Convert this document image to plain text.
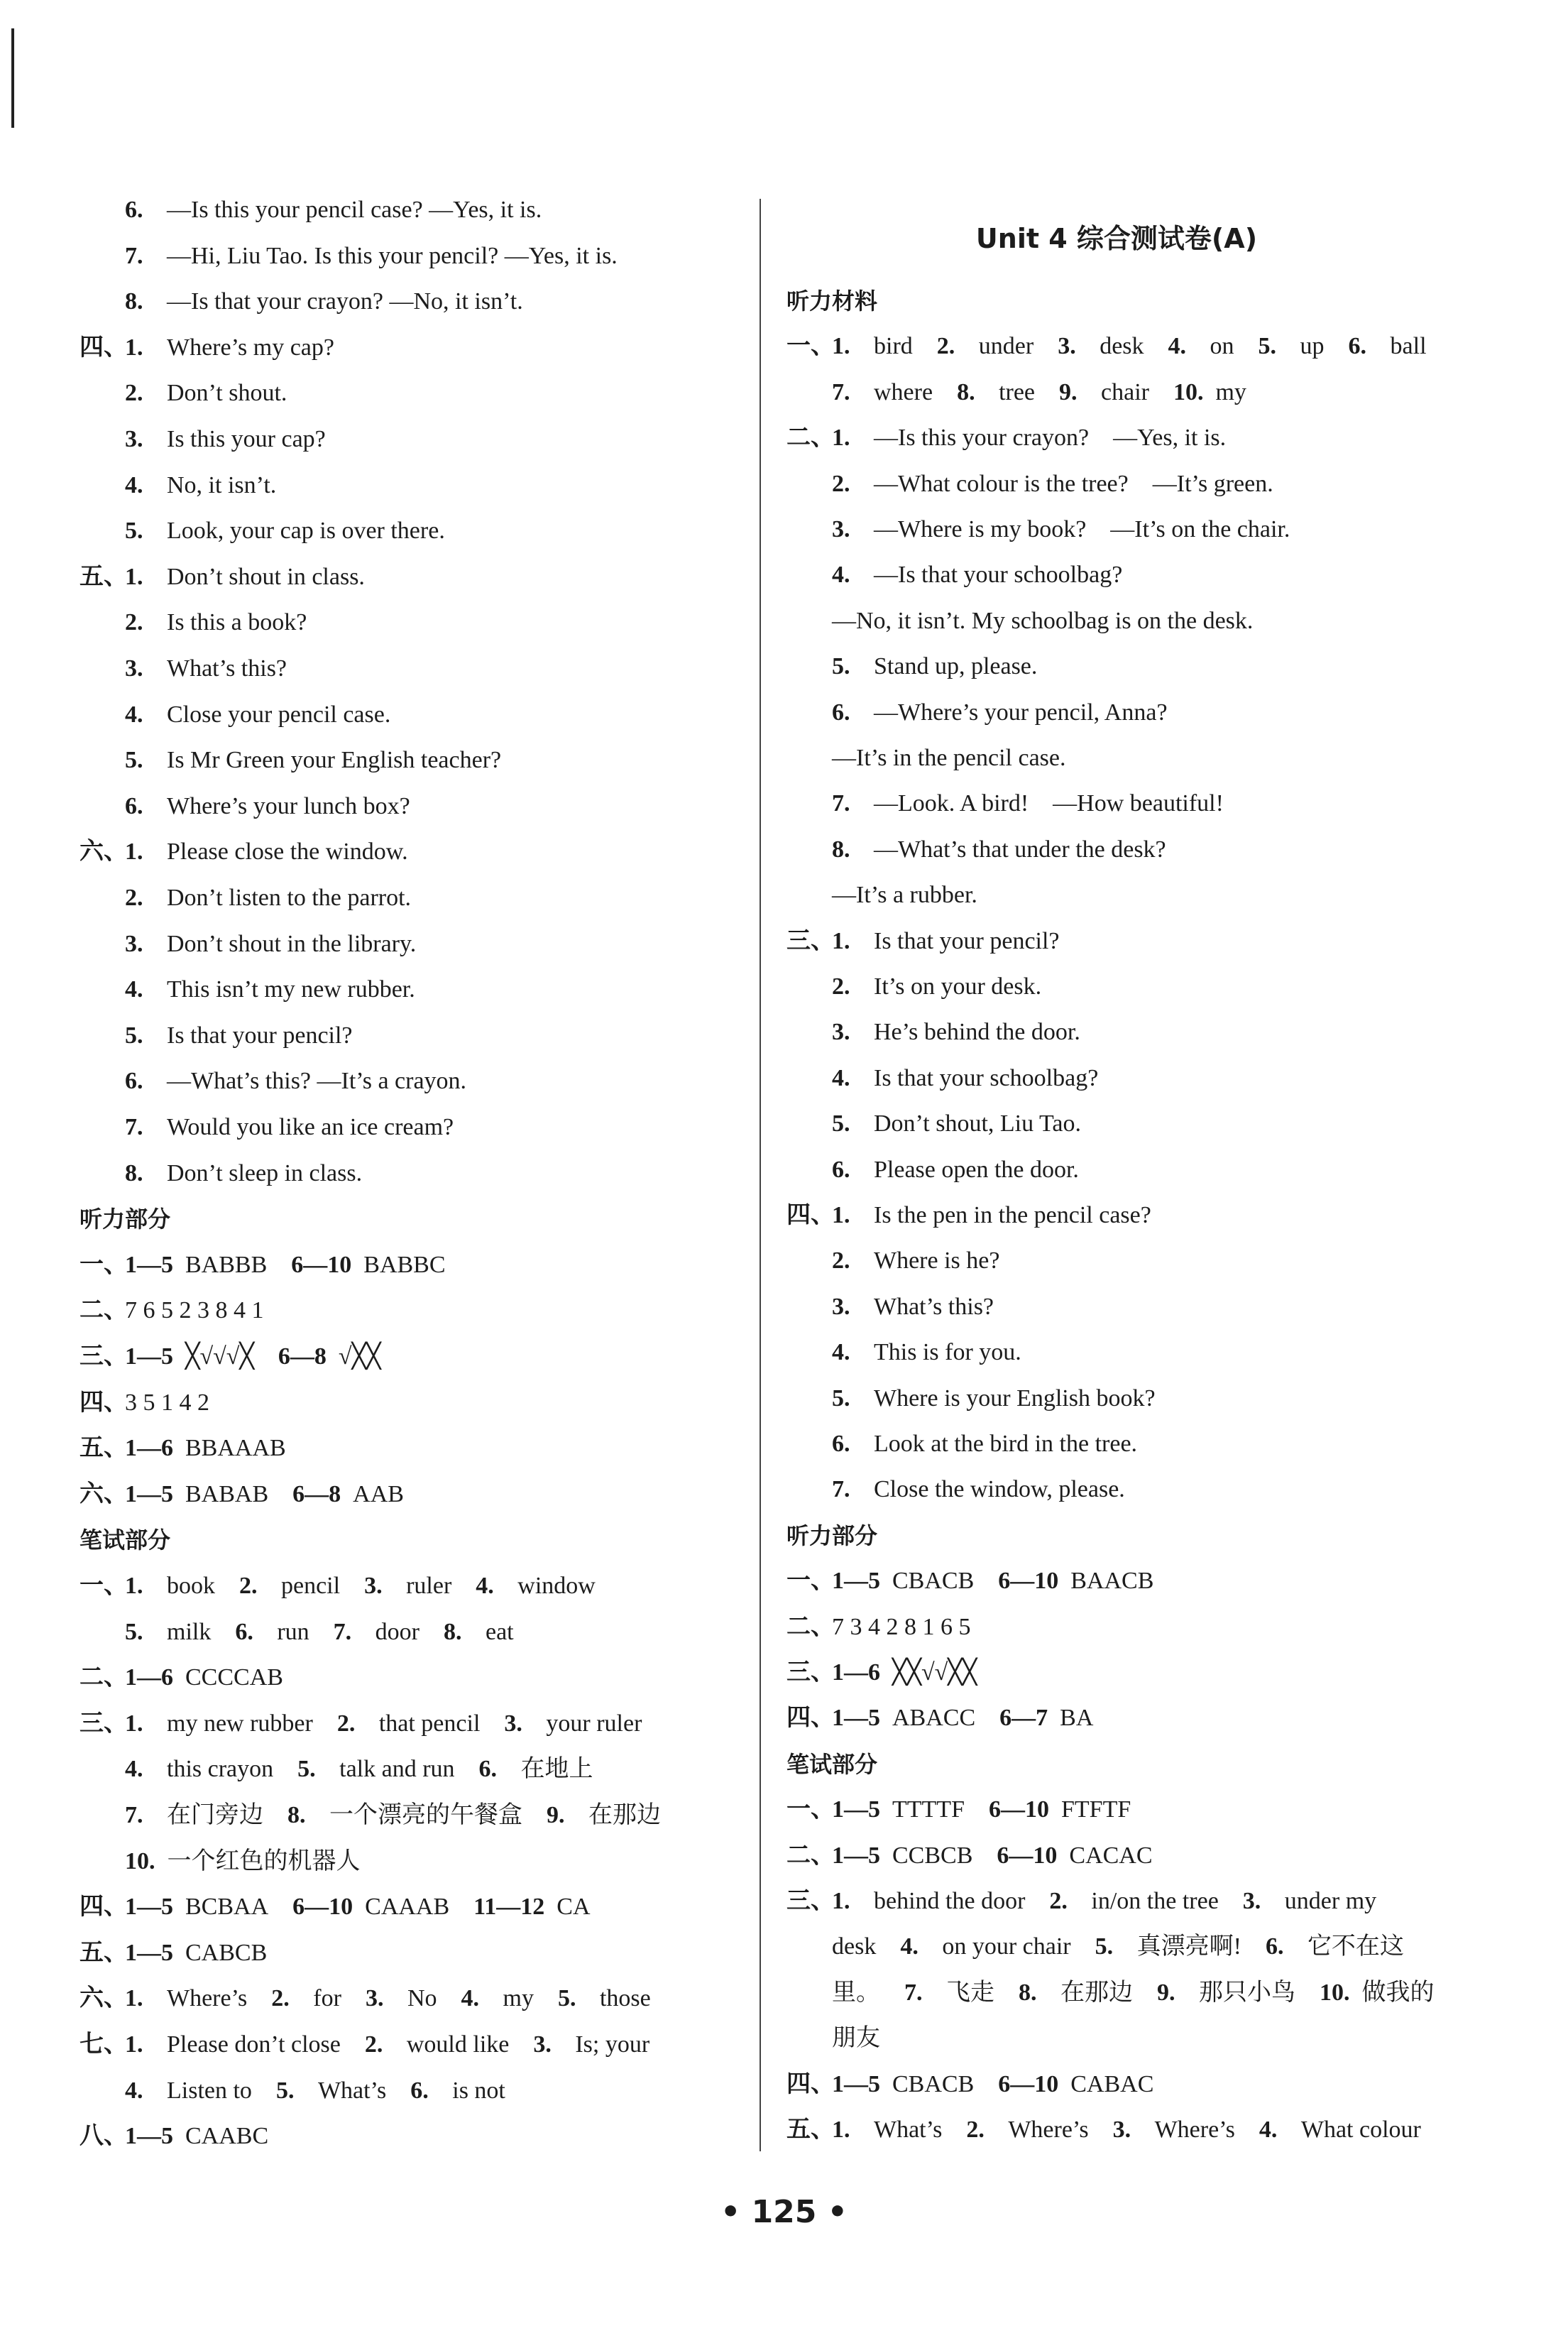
6.  —Is this your pencil case? —Yes, it is.
7.  —Hi, Liu Tao. Is this your pencil? —Yes, it is.
8.  —Is that your crayon? —No, it isn’t.
四、1.  Where’s my cap?
2.  Don’t shout.
3.  Is this your cap?
4.  No, it isn’t.
5.  Look, your cap is over there.
五、1.  Don’t shout in class.
2.  Is this a book?
3.  What’s this?
4.  Close your pencil case.
5.  Is Mr Green your English teacher?
6.  Where’s your lunch box?
六、1.  Please close the window.
2.  Don’t listen to the parrot.
3.  Don’t shout in the library.
4.  This isn’t my new rubber.
5.  Is that your pencil?
6.  —What’s this? —It’s a crayon.
7.  Would you like an ice cream?
8.  Don’t sleep in class.
听力部分
一、1—5  BABBB   6—10  BABBC
二、7 6 5 2 3 8 4 1
三、1—5  ╳√√√╳   6—8  √╳╳
四、3 5 1 4 2
五、1—6  BBAAAB
六、1—5  BABAB   6—8  AAB
笔试部分
一、1.  book   2.  pencil   3.  ruler   4.  window
5.  milk   6.  run   7.  door   8.  eat
二、1—6  CCCCAB
三、1.  my new rubber   2.  that pencil   3.  your ruler
4.  this crayon   5.  talk and run   6.  在地上
7.  在门旁边   8.  一个漂亮的午餐盒   9.  在那边
10.  一个红色的机器人
四、1—5  BCBAA   6—10  CAAAB   11—12  CA
五、1—5  CABCB
六、1.  Where’s   2.  for   3.  No   4.  my   5.  those
七、1.  Please don’t close   2.  would like   3.  Is; your
4.  Listen to   5.  What’s   6.  is not
八、1—5  CAABC
Unit 4 综合测试卷(A)
听力材料
一、1.  bird   2.  under   3.  desk   4.  on   5.  up   6.  ball
7.  where   8.  tree   9.  chair   10.  my
二、1.  —Is this your crayon?　—Yes, it is.
2.  —What colour is the tree?　—It’s green.
3.  —Where is my book?　—It’s on the chair.
4.  —Is that your schoolbag?
—No, it isn’t. My schoolbag is on the desk.
5.  Stand up, please.
6.  —Where’s your pencil, Anna?
—It’s in the pencil case.
7.  —Look. A bird!　—How beautiful!
8.  —What’s that under the desk?
—It’s a rubber.
三、1.  Is that your pencil?
2.  It’s on your desk.
3.  He’s behind the door.
4.  Is that your schoolbag?
5.  Don’t shout, Liu Tao.
6.  Please open the door.
四、1.  Is the pen in the pencil case?
2.  Where is he?
3.  What’s this?
4.  This is for you.
5.  Where is your English book?
6.  Look at the bird in the tree.
7.  Close the window, please.
听力部分
一、1—5  CBACB   6—10  BAACB
二、7 3 4 2 8 1 6 5
三、1—6  ╳╳√√╳╳
四、1—5  ABACC   6—7  BA
笔试部分
一、1—5  TTTTF   6—10  FTFTF
二、1—5  CCBCB   6—10  CACAC
三、1.  behind the door   2.  in/on the tree   3.  under my
desk   4.  on your chair   5.  真漂亮啊!   6.  它不在这
里。   7.  飞走   8.  在那边   9.  那只小鸟   10.  做我的
朋友
四、1—5  CBACB   6—10  CABAC
五、1.  What’s   2.  Where’s   3.  Where’s   4.  What colour
• 125 •
